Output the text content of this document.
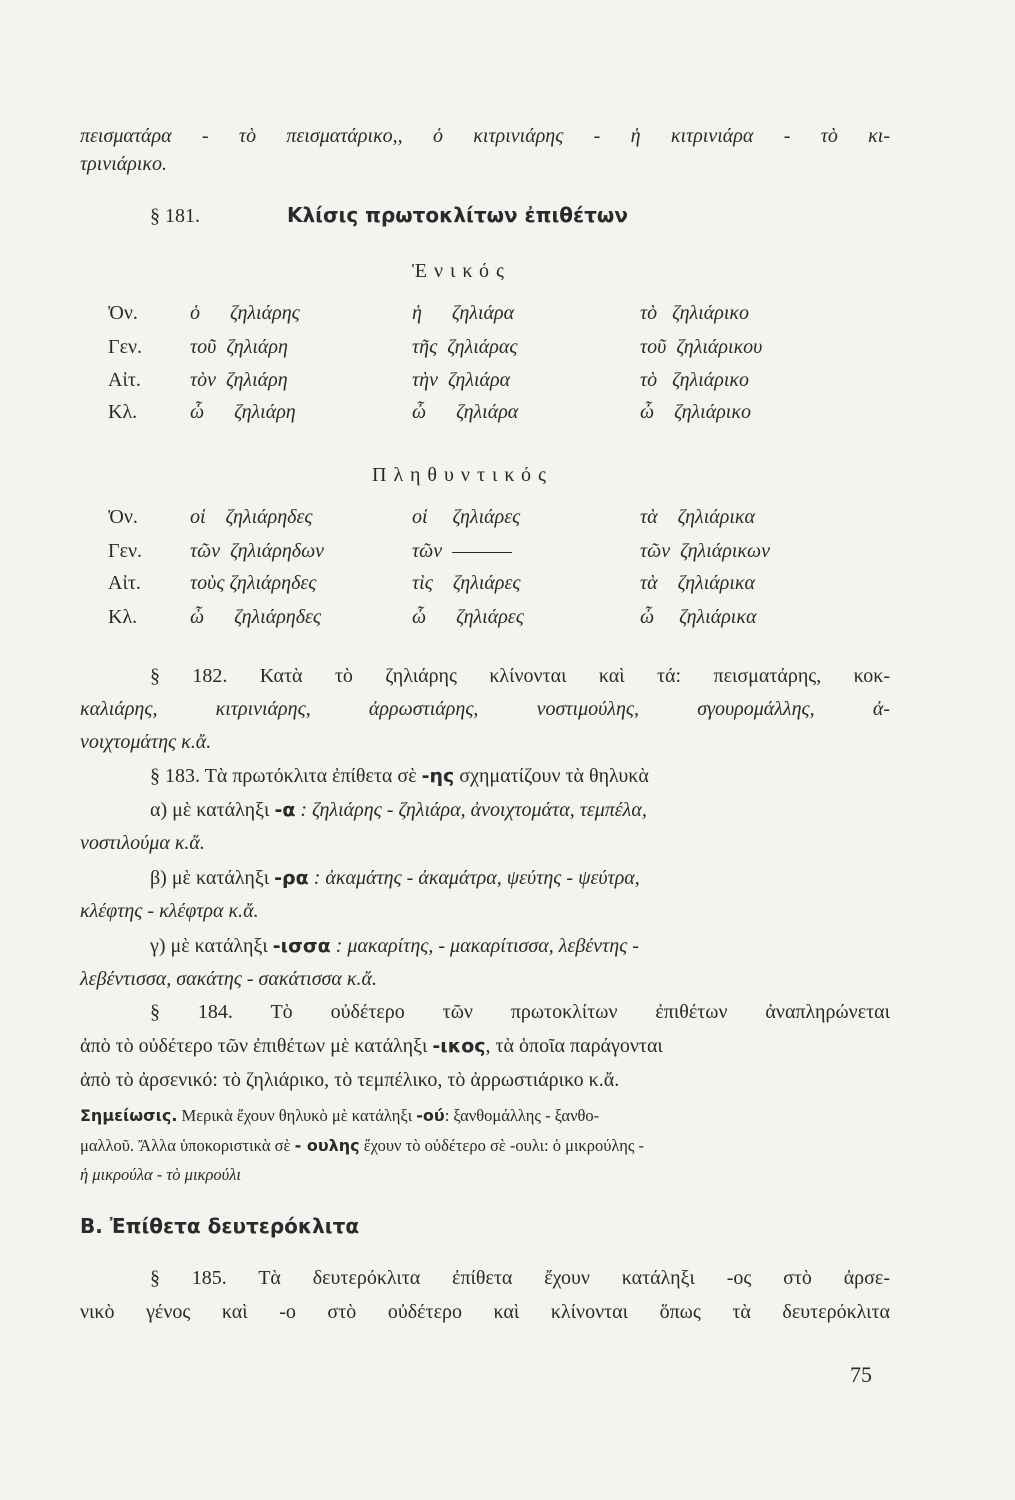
πεισματάρα - τὸ πεισματάρικο,, ὁ κιτρινιάρης - ἡ κιτρινιάρα - τὸ κι-
τρινιάρικο.
§ 181.	Κλίσις πρωτοκλίτων ἐπιθέτων
Ἑνικός
Ὀν.	ὁ      ζηλιάρης	ἡ      ζηλιάρα	τὸ   ζηλιάρικο
Γεν. τοῦ  ζηλιάρη	τῆς  ζηλιάρας	τοῦ  ζηλιάρικου
Αἰτ. τὸν  ζηλιάρη	τὴν  ζηλιάρα	τὸ   ζηλιάρικο
Κλ.	ὦ      ζηλιάρη	ὦ      ζηλιάρα	ὦ    ζηλιάρικο
Πληθυντικός
Ὀν.	οἱ    ζηλιάρηδες	οἱ     ζηλιάρες	τὰ    ζηλιάρικα
Γεν. τῶν  ζηλιάρηδων	τῶν	τῶν  ζηλιάρικων
Αἰτ. τοὺς ζηλιάρηδες	τὶς    ζηλιάρες	τὰ    ζηλιάρικα
Κλ.	ὦ      ζηλιάρηδες	ὦ      ζηλιάρες	ὦ     ζηλιάρικα
§ 182. Κατὰ τὸ ζηλιάρης κλίνονται καὶ τά: πεισματάρης, κοκ-
καλιάρης, κιτρινιάρης, ἀρρωστιάρης, νοστιμούλης, σγουρομάλλης, ἀ-
νοιχτομάτης κ.ἄ.
§ 183. Τὰ πρωτόκλιτα ἐπίθετα σὲ -ης σχηματίζουν τὰ θηλυκὰ
α) μὲ κατάληξι -α : ζηλιάρης - ζηλιάρα, ἀνοιχτομάτα, τεμπέλα,
νοστιλούμα κ.ἄ.
β) μὲ κατάληξι -ρα : ἀκαμάτης - ἀκαμάτρα, ψεύτης - ψεύτρα,
κλέφτης - κλέφτρα κ.ἄ.
γ) μὲ κατάληξι -ισσα : μακαρίτης, - μακαρίτισσα, λεβέντης -
λεβέντισσα, σακάτης - σακάτισσα κ.ἄ.
§ 184. Τὸ οὐδέτερο τῶν πρωτοκλίτων ἐπιθέτων ἀναπληρώνεται
ἀπὸ τὸ οὐδέτερο τῶν ἐπιθέτων μὲ κατάληξι -ικος, τὰ ὁποῖα παράγονται
ἀπὸ τὸ ἀρσενικό: τὸ ζηλιάρικο, τὸ τεμπέλικο, τὸ ἀρρωστιάρικο κ.ἄ.
Σημείωσις. Μερικὰ ἔχουν θηλυκὸ μὲ κατάληξι -ού: ξανθομάλλης - ξανθο-
μαλλοῦ. Ἄλλα ὑποκοριστικὰ σὲ - ουλης ἔχουν τὸ οὐδέτερο σὲ -ουλι: ὁ μικρούλης -
ἡ μικρούλα - τὸ μικρούλι
Β. Ἐπίθετα δευτερόκλιτα
§ 185. Τὰ δευτερόκλιτα ἐπίθετα ἔχουν κατάληξι -ος στὸ ἀρσε-
νικὸ γένος καὶ -ο στὸ οὐδέτερο καὶ κλίνονται ὅπως τὰ δευτερόκλιτα
75
